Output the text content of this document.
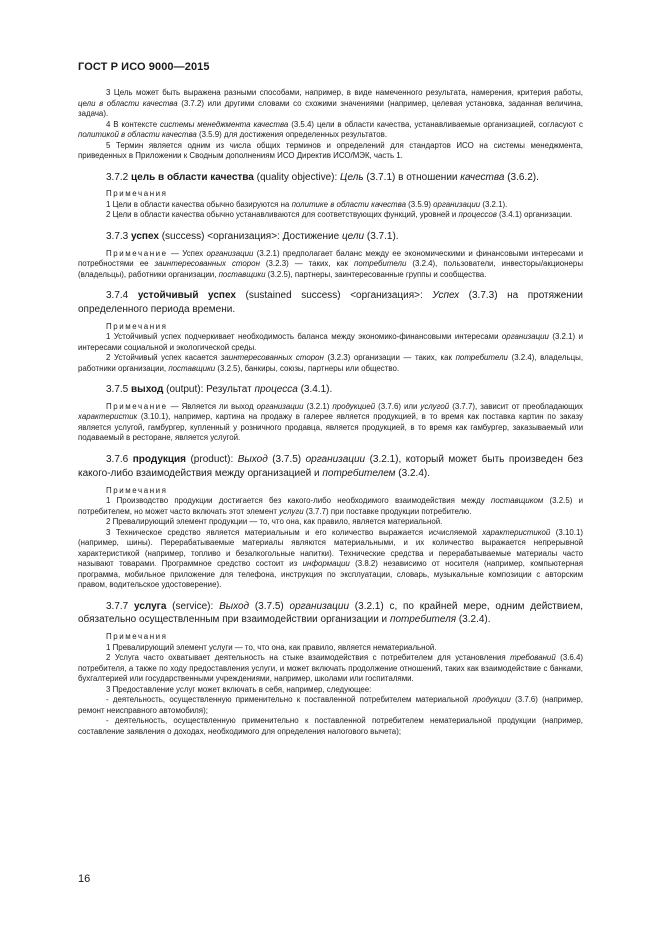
ГОСТ Р ИСО 9000—2015

3 Цель может быть выражена разными способами, например, в виде намеченного результата, намерения, критерия работы, цели в области качества (3.7.2) или другими словами со схожими значениями (например, целевая установка, заданная величина, задача).

4 В контексте системы менеджмента качества (3.5.4) цели в области качества, устанавливаемые организацией, согласуют с политикой в области качества (3.5.9) для достижения определенных результатов.

5 Термин является одним из числа общих терминов и определений для стандартов ИСО на системы менеджмента, приведенных в Приложении к Сводным дополнениям ИСО Директив ИСО/МЭК, часть 1.

3.7.2 цель в области качества (quality objective): Цель (3.7.1) в отношении качества (3.6.2).

Примечания

1 Цели в области качества обычно базируются на политике в области качества (3.5.9) организации (3.2.1).

2 Цели в области качества обычно устанавливаются для соответствующих функций, уровней и процессов (3.4.1) организации.

3.7.3 успех (success) <организация>: Достижение цели (3.7.1).

Примечание — Успех организации (3.2.1) предполагает баланс между ее экономическими и финансовыми интересами и потребностями ее заинтересованных сторон (3.2.3) — таких, как потребители (3.2.4), пользователи, инвесторы/акционеры (владельцы), работники организации, поставщики (3.2.5), партнеры, заинтересованные группы и сообщества.

3.7.4 устойчивый успех (sustained success) <организация>: Успех (3.7.3) на протяжении определенного периода времени.

Примечания

1 Устойчивый успех подчеркивает необходимость баланса между экономико-финансовыми интересами организации (3.2.1) и интересами социальной и экологической среды.

2 Устойчивый успех касается заинтересованных сторон (3.2.3) организации — таких, как потребители (3.2.4), владельцы, работники организации, поставщики (3.2.5), банкиры, союзы, партнеры или общество.

3.7.5 выход (output): Результат процесса (3.4.1).

Примечание — Является ли выход организации (3.2.1) продукцией (3.7.6) или услугой (3.7.7), зависит от преобладающих характеристик (3.10.1), например, картина на продажу в галерее является продукцией, в то время как поставка картин по заказу является услугой, гамбургер, купленный у розничного продавца, является продукцией, в то время как гамбургер, заказываемый или подаваемый в ресторане, является услугой.

3.7.6 продукция (product): Выход (3.7.5) организации (3.2.1), который может быть произведен без какого-либо взаимодействия между организацией и потребителем (3.2.4).

Примечания

1 Производство продукции достигается без какого-либо необходимого взаимодействия между поставщиком (3.2.5) и потребителем, но может часто включать этот элемент услуги (3.7.7) при поставке продукции потребителю.

2 Превалирующий элемент продукции — то, что она, как правило, является материальной.

3 Техническое средство является материальным и его количество выражается исчисляемой характеристикой (3.10.1) (например, шины). Перерабатываемые материалы являются материальными, и их количество выражается непрерывной характеристикой (например, топливо и безалкогольные напитки). Технические средства и перерабатываемые материалы часто называют товарами. Программное средство состоит из информации (3.8.2) независимо от носителя (например, компьютерная программа, мобильное приложение для телефона, инструкция по эксплуатации, словарь, музыкальные композиции с авторским правом, водительское удостоверение).

3.7.7 услуга (service): Выход (3.7.5) организации (3.2.1) с, по крайней мере, одним действием, обязательно осуществленным при взаимодействии организации и потребителя (3.2.4).

Примечания

1 Превалирующий элемент услуги — то, что она, как правило, является нематериальной.

2 Услуга часто охватывает деятельность на стыке взаимодействия с потребителем для установления требований (3.6.4) потребителя, а также по ходу предоставления услуги, и может включать продолжение отношений, таких как взаимодействие с банками, бухгалтерией или государственными учреждениями, например, школами или госпиталями.

3 Предоставление услуг может включать в себя, например, следующее:

- деятельность, осуществленную применительно к поставленной потребителем материальной продукции (3.7.6) (например, ремонт неисправного автомобиля);

- деятельность, осуществленную применительно к поставленной потребителем нематериальной продукции (например, составление заявления о доходах, необходимого для определения налогового вычета);

16
